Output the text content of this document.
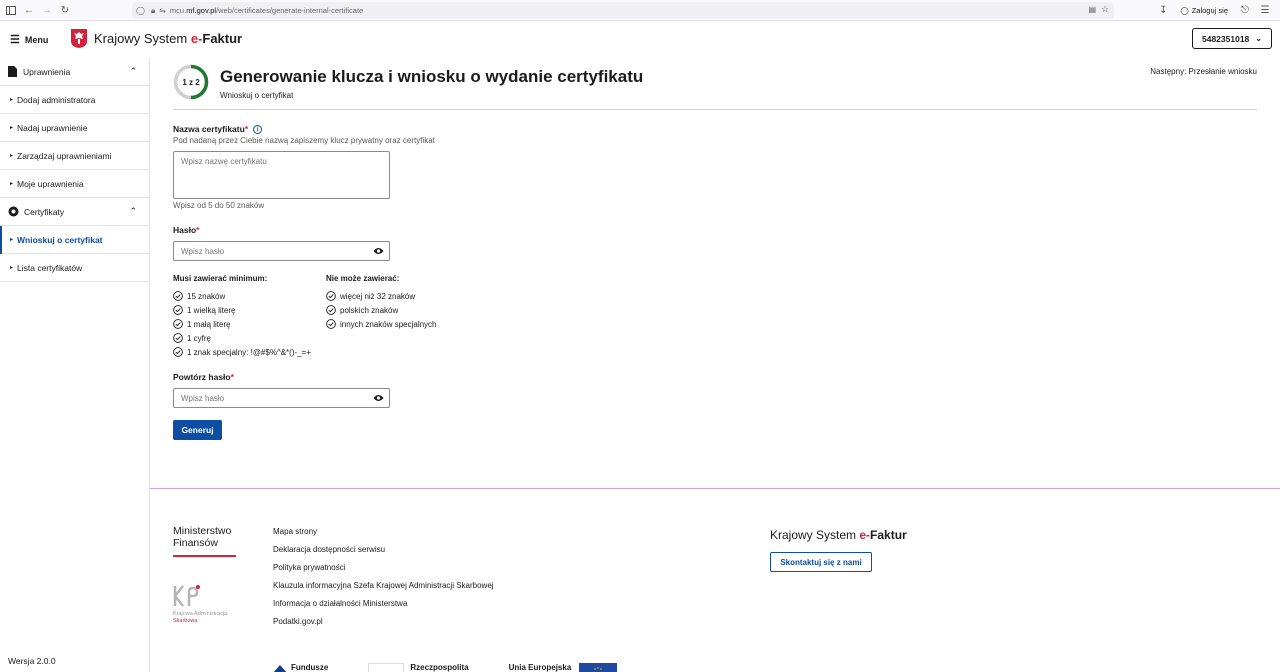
← → ↻	◯ 🔒︎ ⇋ mcu.mf.gov.pl/web/certificates/generate-internal-certificate	▤ ☆	↧	◯ Zaloguj się	⎋	☰
☰ Menu	Krajowy System e-Faktur	5482351018 ⌄
Uprawnienia	⌃
▸ Dodaj administratora
▸ Nadaj uprawnienie
▸ Zarządzaj uprawnieniami
▸ Moje uprawnienia
Certyfikaty	⌃
▸ Wnioskuj o certyfikat
▸ Lista certyfikatów
Wersja 2.0.0
1 z 2	Generowanie klucza i wniosku o wydanie certyfikatu
Wnioskuj o certyfikat
Następny: Przesłanie wniosku
Nazwa certyfikatu* i
Pod nadaną przez Ciebie nazwą zapiszemy klucz prywatny oraz certyfikat
Wpisz nazwę certyfikatu
Wpisz od 5 do 50 znaków
Hasło*
Wpisz hasło
Musi zawierać minimum:	Nie może zawierać:
15 znaków
1 wielką literę
1 małą literę
1 cyfrę
1 znak specjalny: !@#$%^&*()-_=+
więcej niż 32 znaków
polskich znaków
innych znaków specjalnych
Powtórz hasło*
Wpisz hasło
Generuj
Ministerstwo
Finansów
Krajowa Administracja
Skarbowa
Mapa strony
Deklaracja dostępności serwisu
Polityka prywatności
Klauzula informacyjna Szefa Krajowej Administracji Skarbowej
Informacja o działalności Ministerstwa
Podatki.gov.pl
Krajowy System e-Faktur
Skontaktuj się z nami
Fundusze	Rzeczpospolita	Unia Europejska
